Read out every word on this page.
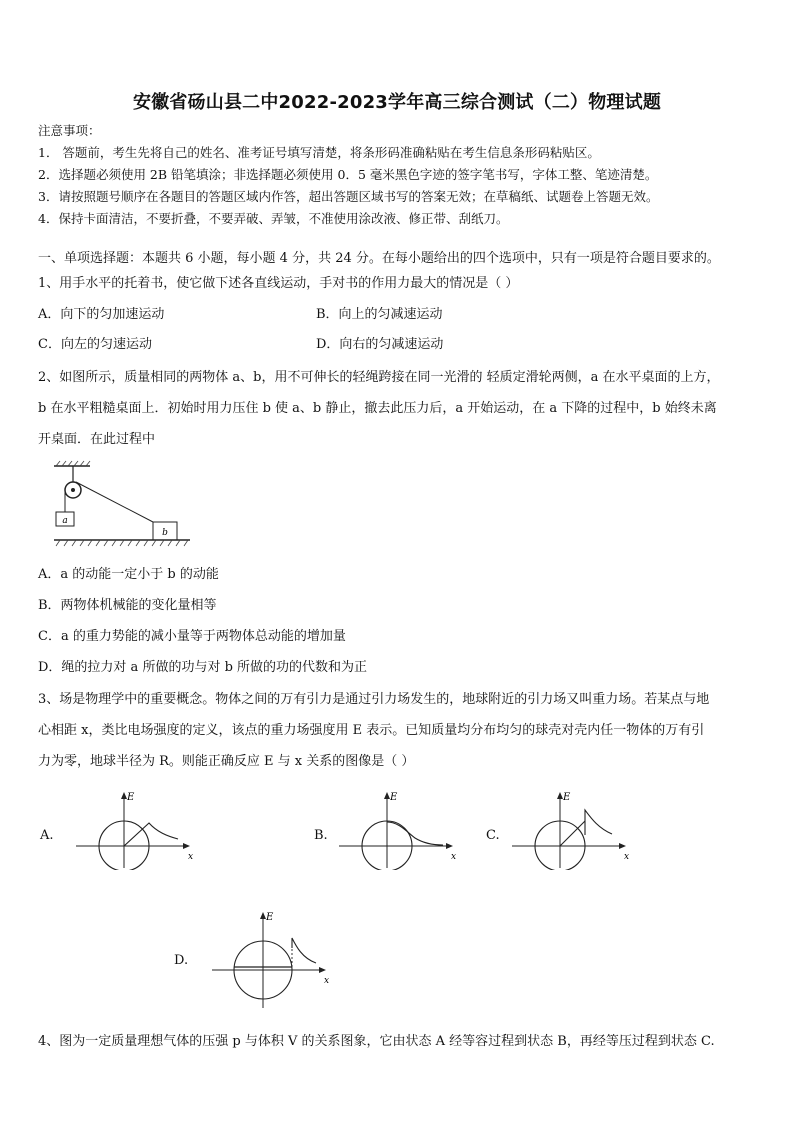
安徽省砀山县二中2022-2023学年高三综合测试（二）物理试题
注意事项：
1． 答题前，考生先将自己的姓名、准考证号填写清楚，将条形码准确粘贴在考生信息条形码粘贴区。
2．选择题必须使用 2B 铅笔填涂；非选择题必须使用 0．5 毫米黑色字迹的签字笔书写，字体工整、笔迹清楚。
3．请按照题号顺序在各题目的答题区域内作答，超出答题区域书写的答案无效；在草稿纸、试题卷上答题无效。
4．保持卡面清洁，不要折叠，不要弄破、弄皱，不准使用涂改液、修正带、刮纸刀。
一、单项选择题：本题共 6 小题，每小题 4 分，共 24 分。在每小题给出的四个选项中，只有一项是符合题目要求的。
1、用手水平的托着书，使它做下述各直线运动，手对书的作用力最大的情况是（ ）
A．向下的匀加速运动	B．向上的匀减速运动
C．向左的匀速运动	D．向右的匀减速运动
2、如图所示，质量相同的两物体 a、b，用不可伸长的轻绳跨接在同一光滑的 轻质定滑轮两侧，a 在水平桌面的上方，
b 在水平粗糙桌面上．初始时用力压住 b 使 a、b 静止，撤去此压力后，a 开始运动，在 a 下降的过程中，b 始终未离
开桌面．在此过程中
a
b
A．a 的动能一定小于 b 的动能
B．两物体机械能的变化量相等
C．a 的重力势能的减小量等于两物体总动能的增加量
D．绳的拉力对 a 所做的功与对 b 所做的功的代数和为正
3、场是物理学中的重要概念。物体之间的万有引力是通过引力场发生的，地球附近的引力场又叫重力场。若某点与地
心相距 x，类比电场强度的定义，该点的重力场强度用 E 表示。已知质量均分布均匀的球壳对壳内任一物体的万有引
力为零，地球半径为 R。则能正确反应 E 与 x 关系的图像是（ ）
A.
E
x
B.
E
x
C.
E
x
D.
E
x
4、图为一定质量理想气体的压强 p 与体积 V 的关系图象，它由状态 A 经等容过程到状态 B，再经等压过程到状态 C.
